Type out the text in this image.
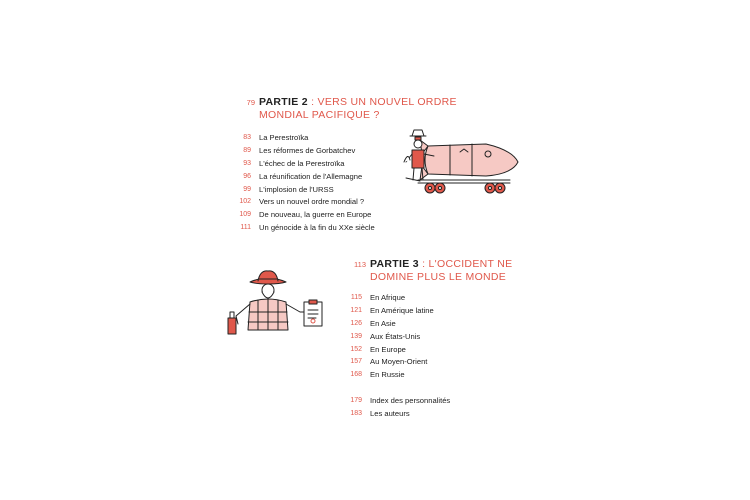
79 PARTIE 2 : VERS UN NOUVEL ORDRE
MONDIAL PACIFIQUE ?
83 La Perestroïka
89 Les réformes de Gorbatchev
93 L'échec de la Perestroïka
96 La réunification de l'Allemagne
99 L'implosion de l'URSS
102 Vers un nouvel ordre mondial ?
109 De nouveau, la guerre en Europe
111 Un génocide à la fin du XXe siècle
113 PARTIE 3 : L'OCCIDENT NE
DOMINE PLUS LE MONDE
115 En Afrique
121 En Amérique latine
126 En Asie
139 Aux États-Unis
152 En Europe
157 Au Moyen-Orient
168 En Russie
179 Index des personnalités
183 Les auteurs
